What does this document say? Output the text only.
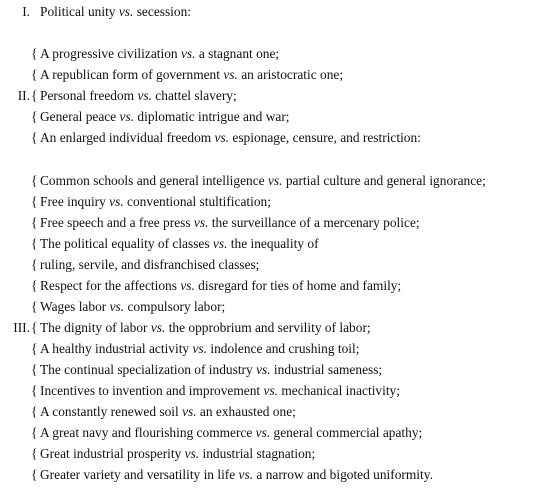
I. Political unity vs. secession:
{ A progressive civilization vs. a stagnant one;
{ A republican form of government vs. an aristocratic one;
II. { Personal freedom vs. chattel slavery;
{ General peace vs. diplomatic intrigue and war;
{ An enlarged individual freedom vs. espionage, censure, and restriction:
{ Common schools and general intelligence vs. partial culture and general ignorance;
{ Free inquiry vs. conventional stultification;
{ Free speech and a free press vs. the surveillance of a mercenary police;
{ The political equality of classes vs. the inequality of
{ ruling, servile, and disfranchised classes;
{ Respect for the affections vs. disregard for ties of home and family;
{ Wages labor vs. compulsory labor;
III. { The dignity of labor vs. the opprobrium and servility of labor;
{ A healthy industrial activity vs. indolence and crushing toil;
{ The continual specialization of industry vs. industrial sameness;
{ Incentives to invention and improvement vs. mechanical inactivity;
{ A constantly renewed soil vs. an exhausted one;
{ A great navy and flourishing commerce vs. general commercial apathy;
{ Great industrial prosperity vs. industrial stagnation;
{ Greater variety and versatility in life vs. a narrow and bigoted uniformity.
